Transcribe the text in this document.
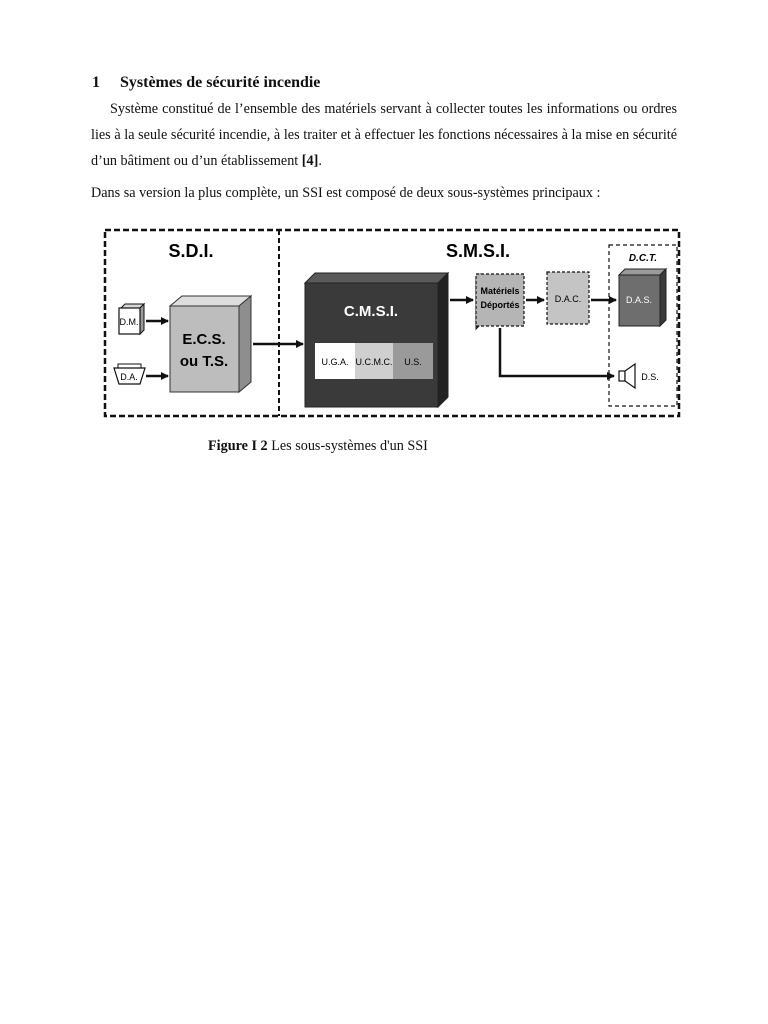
1 Systèmes de sécurité incendie

Système constitué de l’ensemble des matériels servant à collecter toutes les informations ou ordres lies à la seule sécurité incendie, à les traiter et à effectuer les fonctions nécessaires à la mise en sécurité d’un bâtiment ou d’un établissement [4].

Dans sa version la plus complète, un SSI est composé de deux sous-systèmes principaux :

S.D.I.	S.M.S.I.	D.C.T.
D.M.
D.A.
E.C.S.
ou T.S.
C.M.S.I.
U.G.A. U.C.M.C. U.S.
Matériels
Déportés
D.A.C.	D.A.S.
D.S.
Figure I 2 Les sous-systèmes d'un SSI
